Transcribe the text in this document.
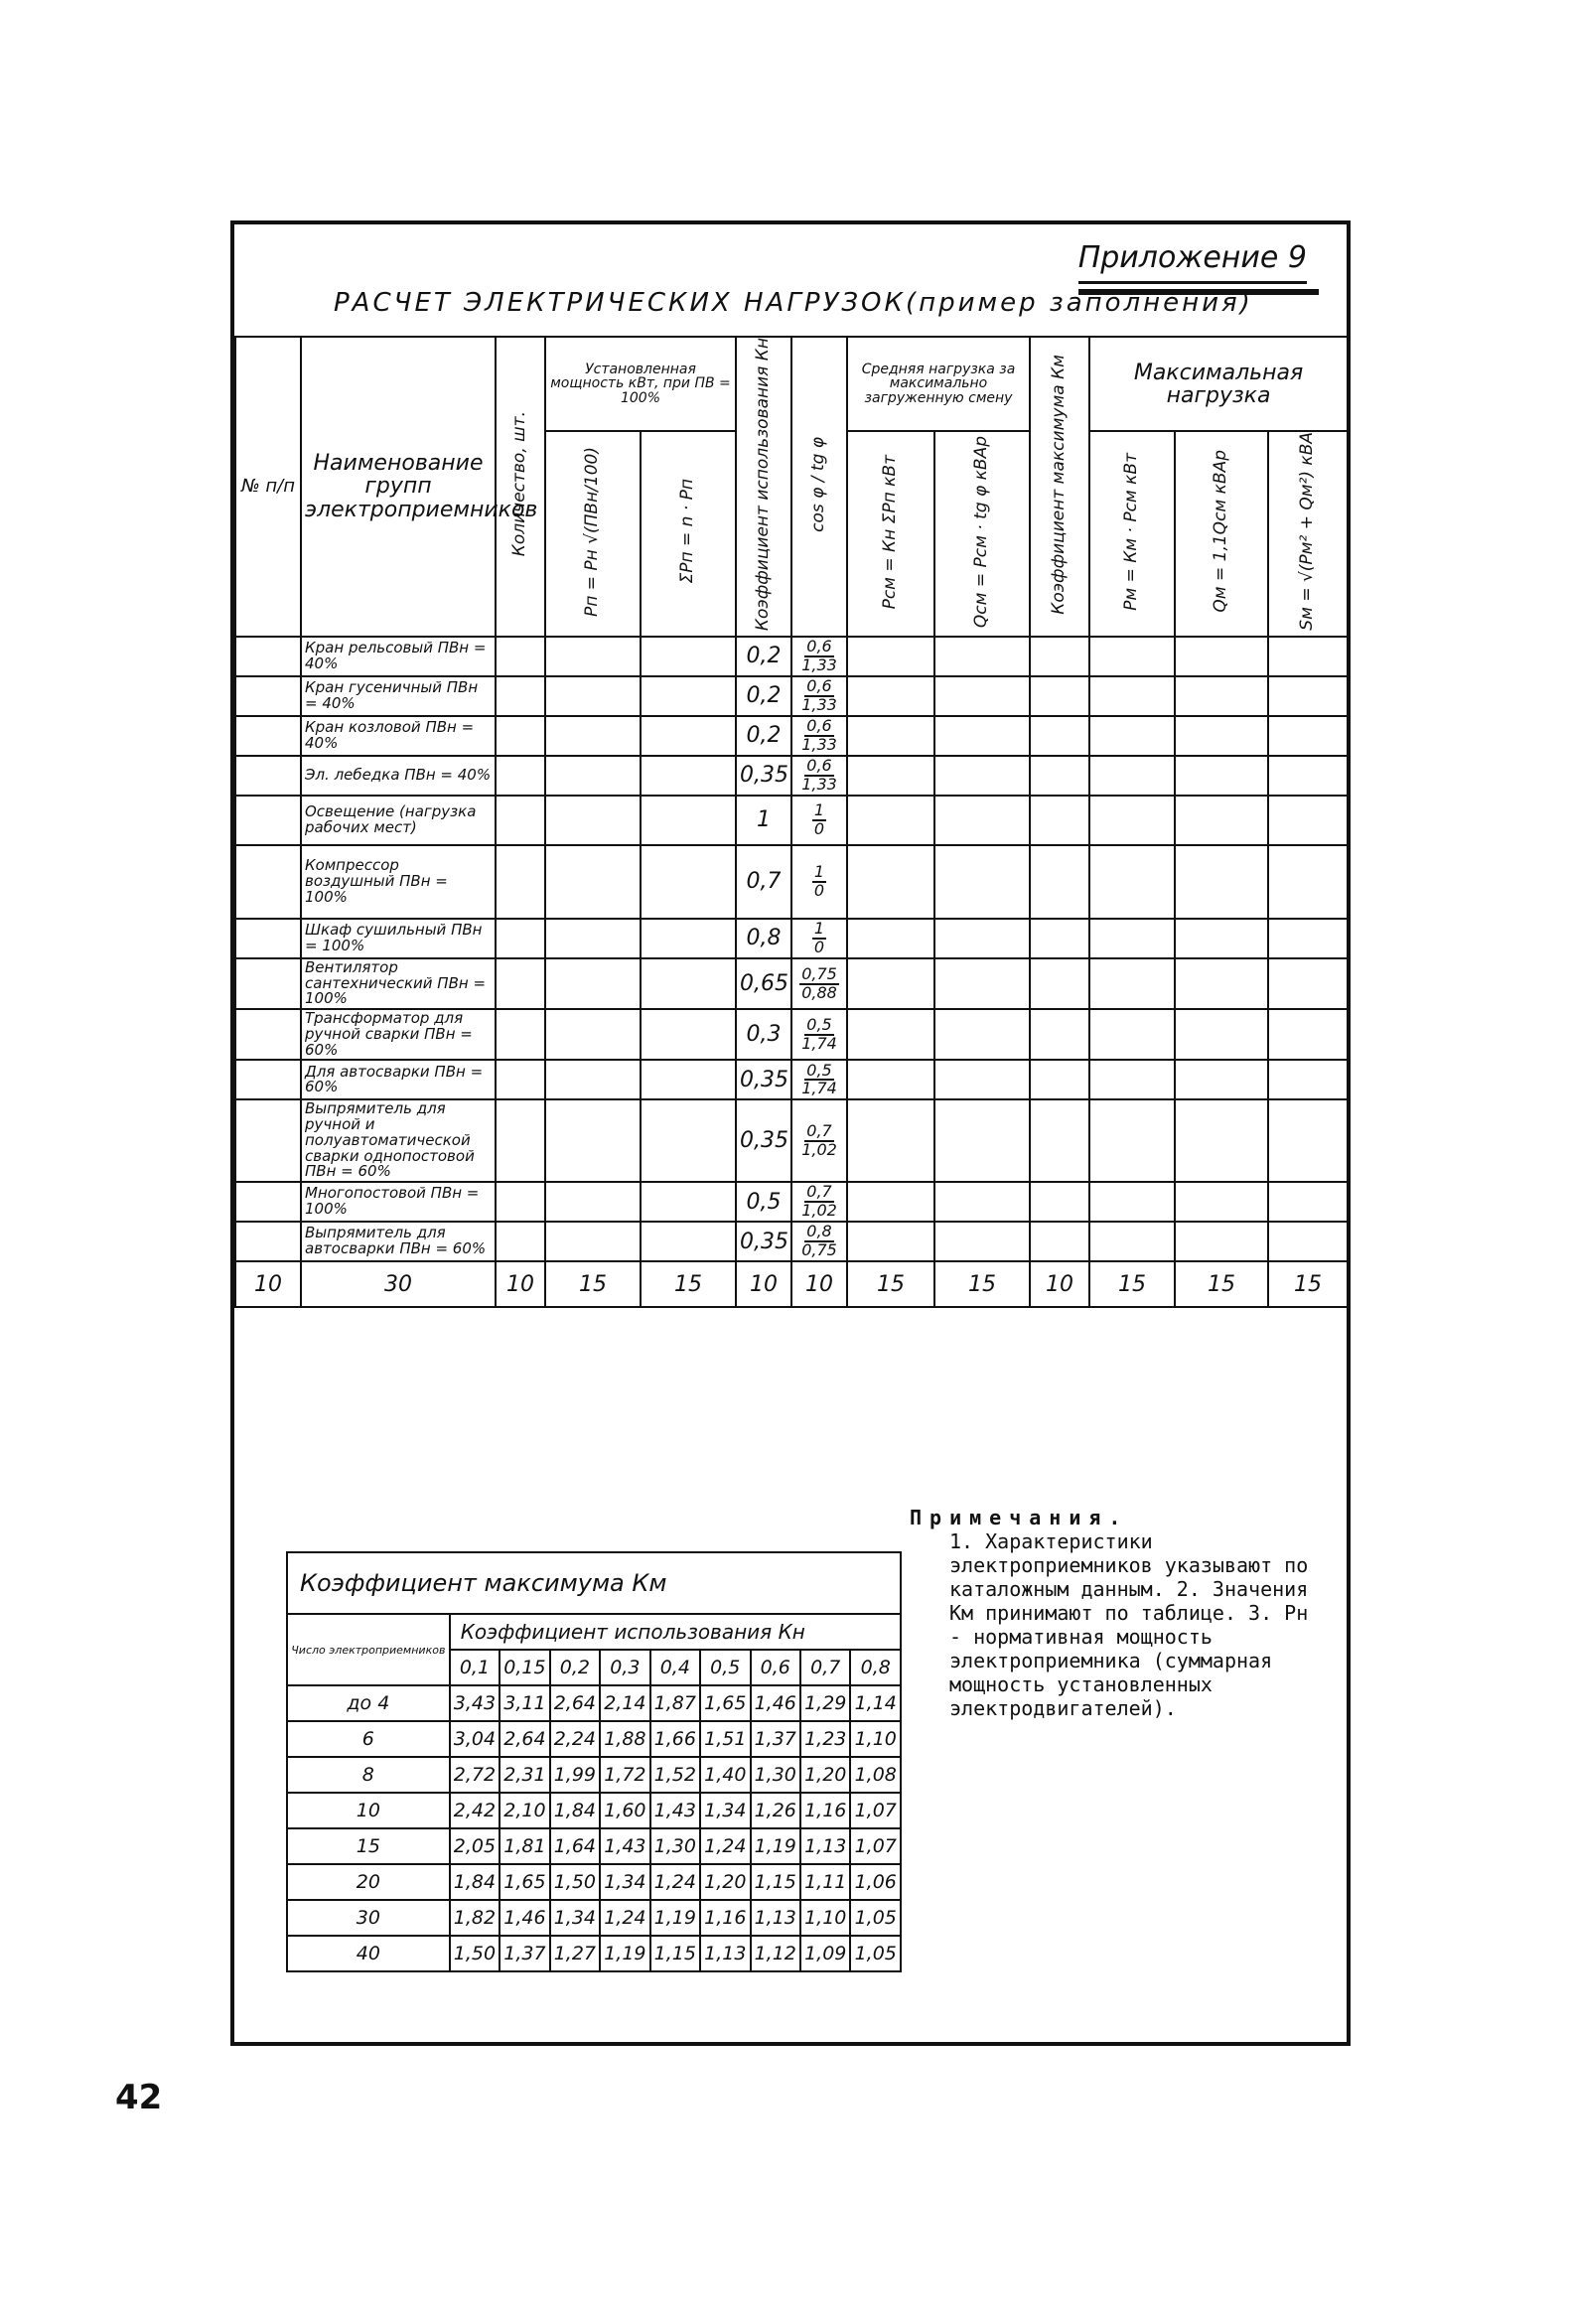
Приложение 9
РАСЧЕТ ЭЛЕКТРИЧЕСКИХ НАГРУЗОК(пример заполнения)
№ п/п	Наименование групп электроприемников	Количество, шт.	Установленная мощность кВт, при ПВ = 100%		Коэффициент использования Кн	cos φ / tg φ	Средняя нагрузка за максимально загруженную смену		Коэффициент максимума Км	Максимальная нагрузка		
			Pп = Pн √(ПВн/100)	ΣPп = n · Pп			Pсм = Кн ΣPп кВт	Qсм = Pсм · tg φ кВАр		Pм = Км · Pсм кВт	Qм = 1,1Qсм кВАр	Sм = √(Pм² + Qм²) кВА
	Кран рельсовый ПВн = 40%				0,2	$\frac{0,6}{1,33}$

	Кран гусеничный ПВн = 40%				0,2	$\frac{0,6}{1,33}$

	Кран козловой ПВн = 40%				0,2	$\frac{0,6}{1,33}$

	Эл. лебедка ПВн = 40%				0,35	$\frac{0,6}{1,33}$

	Освещение (нагрузка рабочих мест)				1	$\frac{1}{0}$

	Компрессор воздушный ПВн = 100%				0,7	$\frac{1}{0}$

	Шкаф сушильный ПВн = 100%				0,8	$\frac{1}{0}$

	Вентилятор сантехнический ПВн = 100%				0,65	$\frac{0,75}{0,88}$

	Трансформатор для ручной сварки ПВн = 60%				0,3	$\frac{0,5}{1,74}$

	Для автосварки ПВн = 60%				0,35	$\frac{0,5}{1,74}$

	Выпрямитель для ручной и полуавтоматической сварки однопостовой ПВн = 60%				0,35	$\frac{0,7}{1,02}$

	Многопостовой ПВн = 100%				0,5	$\frac{0,7}{1,02}$

	Выпрямитель для автосварки ПВн = 60%				0,35	$\frac{0,8}{0,75}$

10	30	10	15	15	10	10	15	15	10	15	15	15
Примечания.
1. Характеристики электроприемников указывают по каталожным данным. 2. Значения Км принимают по таблице. 3. Pн - нормативная мощность электроприемника (суммарная мощность установленных электродвигателей).
Коэффициент максимума Км									
Число электроприемников	Коэффициент использования Кн								
	0,1	0,15	0,2	0,3	0,4	0,5	0,6	0,7	0,8
до 4	3,43	3,11	2,64	2,14	1,87	1,65	1,46	1,29	1,14
6	3,04	2,64	2,24	1,88	1,66	1,51	1,37	1,23	1,10
8	2,72	2,31	1,99	1,72	1,52	1,40	1,30	1,20	1,08
10	2,42	2,10	1,84	1,60	1,43	1,34	1,26	1,16	1,07
15	2,05	1,81	1,64	1,43	1,30	1,24	1,19	1,13	1,07
20	1,84	1,65	1,50	1,34	1,24	1,20	1,15	1,11	1,06
30	1,82	1,46	1,34	1,24	1,19	1,16	1,13	1,10	1,05
40	1,50	1,37	1,27	1,19	1,15	1,13	1,12	1,09	1,05
42
